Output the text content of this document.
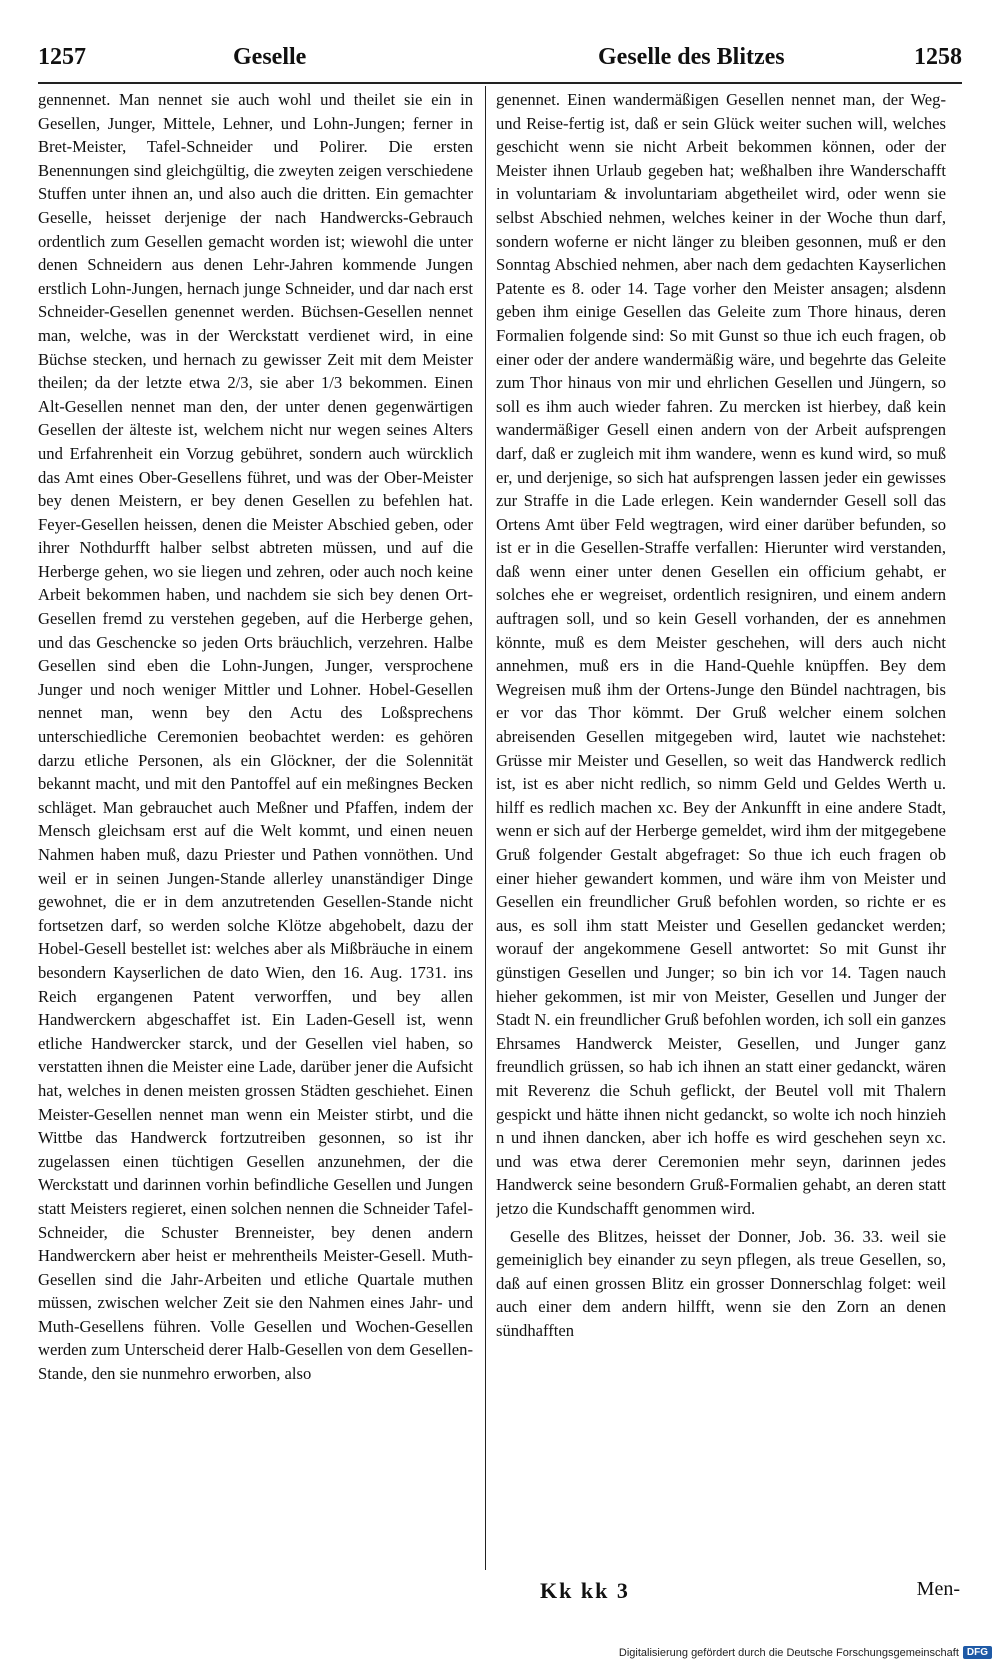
1257	Geselle	Geselle des Blitzes	1258

gennennet. Man nennet sie auch wohl und theilet sie ein in Gesellen, Junger, Mittele, Lehner, und Lohn-Jungen; ferner in Bret-Meister, Tafel-Schneider und Polirer. Die ersten Benennungen sind gleichgültig, die zweyten zeigen verschiedene Stuffen unter ihnen an, und also auch die dritten. Ein gemachter Geselle, heisset derjenige der nach Handwercks-Gebrauch ordentlich zum Gesellen gemacht worden ist; wiewohl die unter denen Schneidern aus denen Lehr-Jahren kommende Jungen erstlich Lohn-Jungen, hernach junge Schneider, und dar nach erst Schneider-Gesellen genennet werden. Büchsen-Gesellen nennet man, welche, was in der Werckstatt verdienet wird, in eine Büchse stecken, und hernach zu gewisser Zeit mit dem Meister theilen; da der letzte etwa 2/3, sie aber 1/3 bekommen. Einen Alt-Gesellen nennet man den, der unter denen gegenwärtigen Gesellen der älteste ist, welchem nicht nur wegen seines Alters und Erfahrenheit ein Vorzug gebühret, sondern auch würcklich das Amt eines Ober-Gesellens führet, und was der Ober-Meister bey denen Meistern, er bey denen Gesellen zu befehlen hat. Feyer-Gesellen heissen, denen die Meister Abschied geben, oder ihrer Nothdurfft halber selbst abtreten müssen, und auf die Herberge gehen, wo sie liegen und zehren, oder auch noch keine Arbeit bekommen haben, und nachdem sie sich bey denen Ort-Gesellen fremd zu verstehen gegeben, auf die Herberge gehen, und das Geschencke so jeden Orts bräuchlich, verzehren. Halbe Gesellen sind eben die Lohn-Jungen, Junger, versprochene Junger und noch weniger Mittler und Lohner. Hobel-Gesellen nennet man, wenn bey den Actu des Loßsprechens unterschiedliche Ceremonien beobachtet werden: es gehören darzu etliche Personen, als ein Glöckner, der die Solennität bekannt macht, und mit den Pantoffel auf ein meßingnes Becken schläget. Man gebrauchet auch Meßner und Pfaffen, indem der Mensch gleichsam erst auf die Welt kommt, und einen neuen Nahmen haben muß, dazu Priester und Pathen vonnöthen. Und weil er in seinen Jungen-Stande allerley unanständiger Dinge gewohnet, die er in dem anzutretenden Gesellen-Stande nicht fortsetzen darf, so werden solche Klötze abgehobelt, dazu der Hobel-Gesell bestellet ist: welches aber als Mißbräuche in einem besondern Kayserlichen de dato Wien, den 16. Aug. 1731. ins Reich ergangenen Patent verworffen, und bey allen Handwerckern abgeschaffet ist. Ein Laden-Gesell ist, wenn etliche Handwercker starck, und der Gesellen viel haben, so verstatten ihnen die Meister eine Lade, darüber jener die Aufsicht hat, welches in denen meisten grossen Städten geschiehet. Einen Meister-Gesellen nennet man wenn ein Meister stirbt, und die Wittbe das Handwerck fortzutreiben gesonnen, so ist ihr zugelassen einen tüchtigen Gesellen anzunehmen, der die Werckstatt und darinnen vorhin befindliche Gesellen und Jungen statt Meisters regieret, einen solchen nennen die Schneider Tafel-Schneider, die Schuster Brenneister, bey denen andern Handwerckern aber heist er mehrentheils Meister-Gesell. Muth-Gesellen sind die Jahr-Arbeiten und etliche Quartale muthen müssen, zwischen welcher Zeit sie den Nahmen eines Jahr- und Muth-Gesellens führen. Volle Gesellen und Wochen-Gesellen werden zum Unterscheid derer Halb-Gesellen von dem Gesellen-Stande, den sie nunmehro erworben, also

genennet. Einen wandermäßigen Gesellen nennet man, der Weg- und Reise-fertig ist, daß er sein Glück weiter suchen will, welches geschicht wenn sie nicht Arbeit bekommen können, oder der Meister ihnen Urlaub gegeben hat; weßhalben ihre Wanderschafft in voluntariam & involuntariam abgetheilet wird, oder wenn sie selbst Abschied nehmen, welches keiner in der Woche thun darf, sondern woferne er nicht länger zu bleiben gesonnen, muß er den Sonntag Abschied nehmen, aber nach dem gedachten Kayserlichen Patente es 8. oder 14. Tage vorher den Meister ansagen; alsdenn geben ihm einige Gesellen das Geleite zum Thore hinaus, deren Formalien folgende sind: So mit Gunst so thue ich euch fragen, ob einer oder der andere wandermäßig wäre, und begehrte das Geleite zum Thor hinaus von mir und ehrlichen Gesellen und Jüngern, so soll es ihm auch wieder fahren. Zu mercken ist hierbey, daß kein wandermäßiger Gesell einen andern von der Arbeit aufsprengen darf, daß er zugleich mit ihm wandere, wenn es kund wird, so muß er, und derjenige, so sich hat aufsprengen lassen jeder ein gewisses zur Straffe in die Lade erlegen. Kein wandernder Gesell soll das Ortens Amt über Feld wegtragen, wird einer darüber befunden, so ist er in die Gesellen-Straffe verfallen: Hierunter wird verstanden, daß wenn einer unter denen Gesellen ein officium gehabt, er solches ehe er wegreiset, ordentlich resigniren, und einem andern auftragen soll, und so kein Gesell vorhanden, der es annehmen könnte, muß es dem Meister geschehen, will ders auch nicht annehmen, muß ers in die Hand-Quehle knüpffen. Bey dem Wegreisen muß ihm der Ortens-Junge den Bündel nachtragen, bis er vor das Thor kömmt. Der Gruß welcher einem solchen abreisenden Gesellen mitgegeben wird, lautet wie nachstehet: Grüsse mir Meister und Gesellen, so weit das Handwerck redlich ist, ist es aber nicht redlich, so nimm Geld und Geldes Werth u. hilff es redlich machen xc. Bey der Ankunfft in eine andere Stadt, wenn er sich auf der Herberge gemeldet, wird ihm der mitgegebene Gruß folgender Gestalt abgefraget: So thue ich euch fragen ob einer hieher gewandert kommen, und wäre ihm von Meister und Gesellen ein freundlicher Gruß befohlen worden, so richte er es aus, es soll ihm statt Meister und Gesellen gedancket werden; worauf der angekommene Gesell antwortet: So mit Gunst ihr günstigen Gesellen und Junger; so bin ich vor 14. Tagen nauch hieher gekommen, ist mir von Meister, Gesellen und Junger der Stadt N. ein freundlicher Gruß befohlen worden, ich soll ein ganzes Ehrsames Handwerck Meister, Gesellen, und Junger ganz freundlich grüssen, so hab ich ihnen an statt einer gedanckt, wären mit Reverenz die Schuh geflickt, der Beutel voll mit Thalern gespickt und hätte ihnen nicht gedanckt, so wolte ich noch hinzieh n und ihnen dancken, aber ich hoffe es wird geschehen seyn xc. und was etwa derer Ceremonien mehr seyn, darinnen jedes Handwerck seine besondern Gruß-Formalien gehabt, an deren statt jetzo die Kundschafft genommen wird.

Geselle des Blitzes, heisset der Donner, Job. 36. 33. weil sie gemeiniglich bey einander zu seyn pflegen, als treue Gesellen, so, daß auf einen grossen Blitz ein grosser Donnerschlag folget: weil auch einer dem andern hilfft, wenn sie den Zorn an denen sündhafften

Kk kk 3	Men-
Digitalisierung gefördert durch die Deutsche Forschungsgemeinschaft DFG
